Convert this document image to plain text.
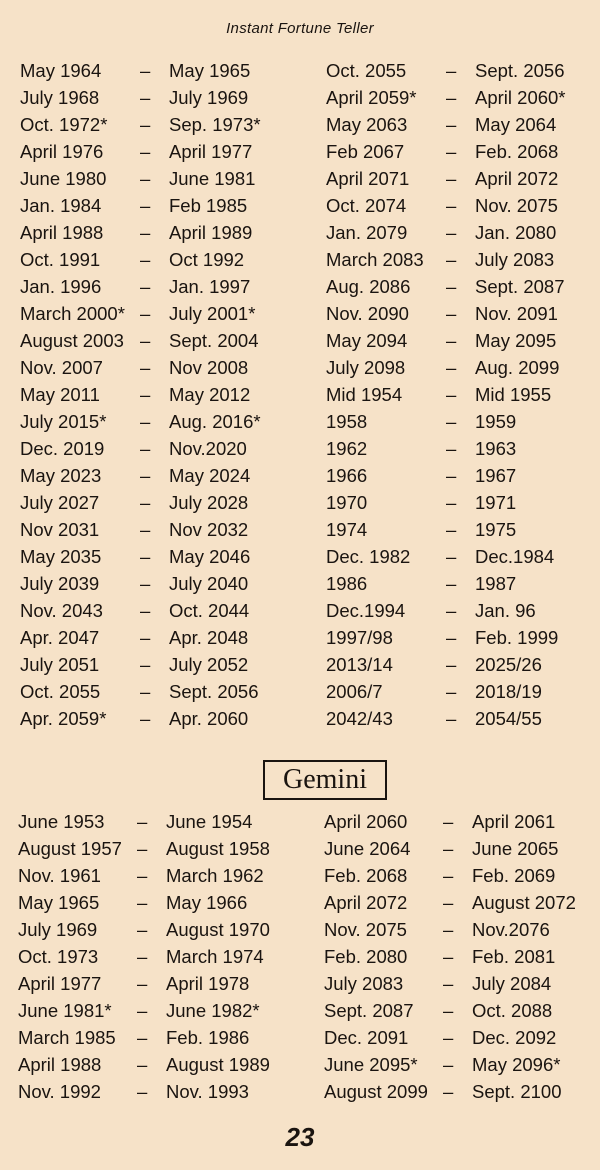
Instant Fortune Teller
May 1964 – May 1965	Oct. 2055 – Sept. 2056
July 1968 – July 1969	April 2059* – April 2060*
Oct. 1972* – Sep. 1973*	May 2063 – May 2064
April 1976 – April 1977	Feb 2067 – Feb. 2068
June 1980 – June 1981	April 2071 – April 2072
Jan. 1984 – Feb 1985	Oct. 2074 – Nov. 2075
April 1988 – April 1989	Jan. 2079 – Jan. 2080
Oct. 1991 – Oct 1992	March 2083 – July 2083
Jan. 1996 – Jan. 1997	Aug. 2086 – Sept. 2087
March 2000* – July 2001*	Nov. 2090 – Nov. 2091
August 2003 – Sept. 2004	May 2094 – May 2095
Nov. 2007 – Nov 2008	July 2098 – Aug. 2099
May 2011 – May 2012	Mid 1954 – Mid 1955
July 2015* – Aug. 2016*	1958	– 1959
Dec. 2019 – Nov.2020	1962	– 1963
May 2023 – May 2024	1966	– 1967
July 2027 – July 2028	1970	– 1971
Nov 2031 – Nov 2032	1974	– 1975
May 2035 – May 2046	Dec. 1982 – Dec.1984
July 2039 – July 2040	1986	– 1987
Nov. 2043 – Oct. 2044	Dec.1994 – Jan. 96
Apr. 2047 – Apr. 2048	1997/98	– Feb. 1999
July 2051 – July 2052	2013/14	– 2025/26
Oct. 2055 – Sept. 2056	2006/7	– 2018/19
Apr. 2059* – Apr. 2060	2042/43	– 2054/55
Gemini
June 1953 – June 1954	April 2060 – April 2061
August 1957 – August 1958	June 2064 – June 2065
Nov. 1961 – March 1962	Feb. 2068 – Feb. 2069
May 1965 – May 1966	April 2072 – August 2072
July 1969 – August 1970	Nov. 2075 – Nov.2076
Oct. 1973 – March 1974	Feb. 2080 – Feb. 2081
April 1977 – April 1978	July 2083 – July 2084
June 1981* – June 1982*	Sept. 2087 – Oct. 2088
March 1985 – Feb. 1986	Dec. 2091 – Dec. 2092
April 1988 – August 1989	June 2095* – May 2096*
Nov. 1992 – Nov. 1993	August 2099 – Sept. 2100
23
